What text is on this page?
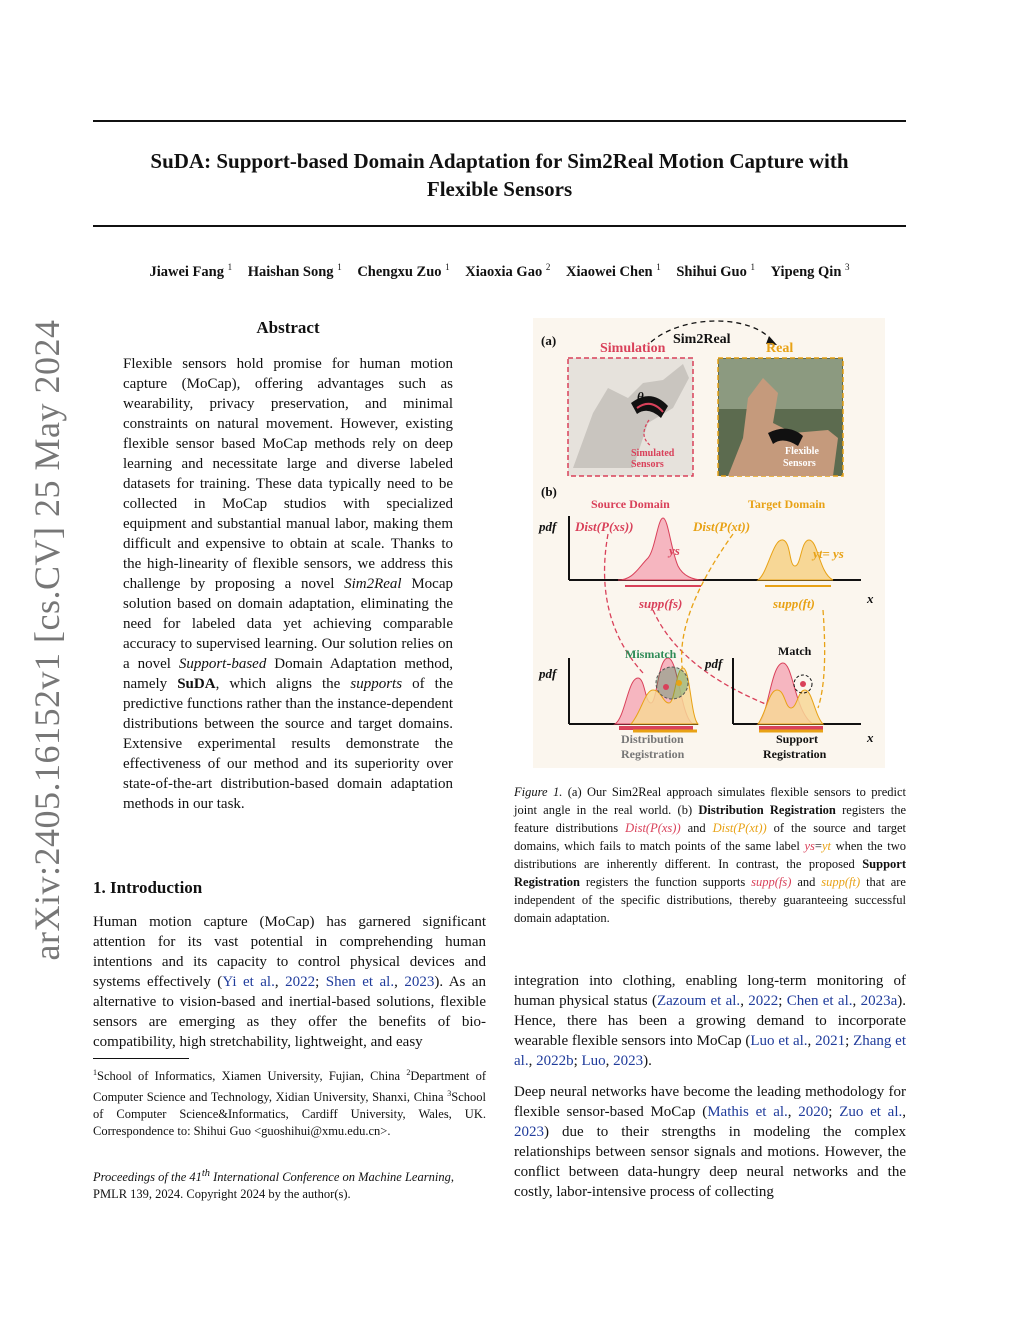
arXiv:2405.16152v1 [cs.CV] 25 May 2024
SuDA: Support-based Domain Adaptation for Sim2Real Motion Capture with
Flexible Sensors
Jiawei Fang $^1$ Haishan Song $^1$ Chengxu Zuo $^1$ Xiaoxia Gao $^2$ Xiaowei Chen $^1$ Shihui Guo $^1$ Yipeng Qin $^3$
Abstract
Flexible sensors hold promise for human motion capture (MoCap), offering advantages such as wearability, privacy preservation, and minimal constraints on natural movement. However, existing flexible sensor based MoCap methods rely on deep learning and necessitate large and diverse labeled datasets for training. These data typically need to be collected in MoCap studios with specialized equipment and substantial manual labor, making them difficult and expensive to obtain at scale. Thanks to the high-linearity of flexible sensors, we address this challenge by proposing a novel Sim2Real Mocap solution based on domain adaptation, eliminating the need for labeled data yet achieving comparable accuracy to supervised learning. Our solution relies on a novel Support-based Domain Adaptation method, namely SuDA, which aligns the supports of the predictive functions rather than the instance-dependent distributions between the source and target domains. Extensive experimental results demonstrate the effectiveness of our method and its superiority over state-of-the-art distribution-based domain adaptation methods in our task.
1. Introduction
Human motion capture (MoCap) has garnered significant attention for its vast potential in comprehending human intentions and its capacity to control physical devices and systems effectively (Yi et al., 2022; Shen et al., 2023). As an alternative to vision-based and inertial-based solutions, flexible sensors are emerging as they offer the benefits of bio-compatibility, high stretchability, lightweight, and easy
$^1$School of Informatics, Xiamen University, Fujian, China $^2$Department of Computer Science and Technology, Xidian University, Shanxi, China $^3$School of Computer Science&Informatics, Cardiff University, Wales, UK. Correspondence to: Shihui Guo <guoshihui@xmu.edu.cn>.
Proceedings of the 41th International Conference on Machine Learning, PMLR 139, 2024. Copyright 2024 by the author(s).
(a)	Sim2Real
Simulation	Real
θ
Simulated
Sensors
Flexible
Sensors
(b)
Source Domain	Target Domain
pdf
x
Dist(P(xs))	Dist(P(xt))
ys	yt= ys
supp(fs)	supp(ft)
pdf
Mismatch
Distribution
Registration
pdf
Match
x
Support
Registration
Figure 1. (a) Our Sim2Real approach simulates flexible sensors to predict joint angle in the real world. (b) Distribution Registration registers the feature distributions Dist(P(xs)) and Dist(P(xt)) of the source and target domains, which fails to match points of the same label ys=yt when the two distributions are inherently different. In contrast, the proposed Support Registration registers the function supports supp(fs) and supp(ft) that are independent of the specific distributions, thereby guaranteeing successful domain adaptation.
integration into clothing, enabling long-term monitoring of human physical status (Zazoum et al., 2022; Chen et al., 2023a). Hence, there has been a growing demand to incorporate wearable flexible sensors into MoCap (Luo et al., 2021; Zhang et al., 2022b; Luo, 2023).
Deep neural networks have become the leading methodology for flexible sensor-based MoCap (Mathis et al., 2020; Zuo et al., 2023) due to their strengths in modeling the complex relationships between sensor signals and motions. However, the conflict between data-hungry deep neural networks and the costly, labor-intensive process of collecting
